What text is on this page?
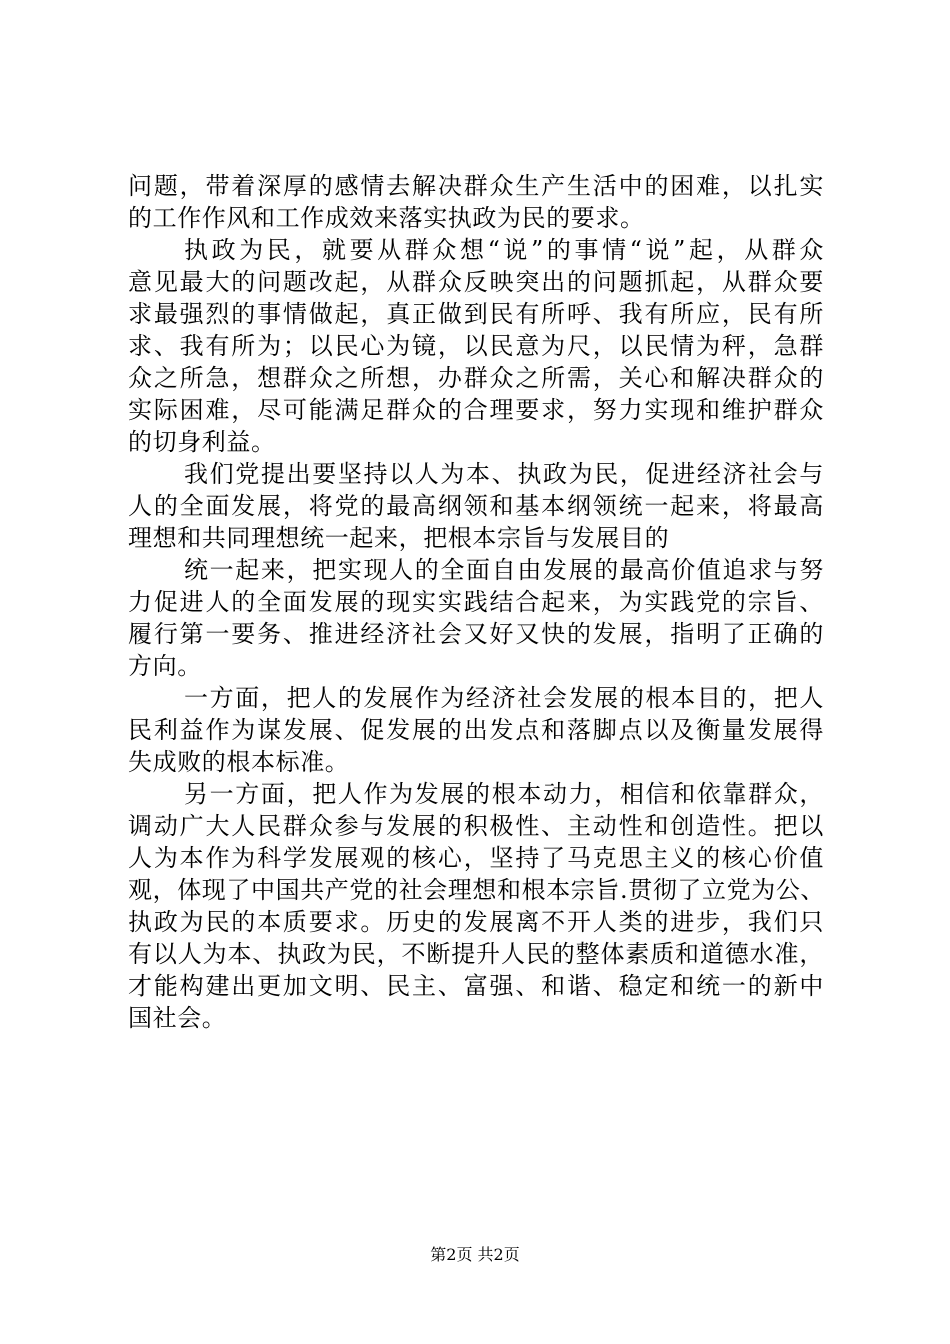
问题，带着深厚的感情去解决群众生产生活中的困难，以扎实
的工作作风和工作成效来落实执政为民的要求。
执政为民，就要从群众想“说”的事情“说”起，从群众
意见最大的问题改起，从群众反映突出的问题抓起，从群众要
求最强烈的事情做起，真正做到民有所呼、我有所应，民有所
求、我有所为；以民心为镜，以民意为尺，以民情为秤，急群
众之所急，想群众之所想，办群众之所需，关心和解决群众的
实际困难，尽可能满足群众的合理要求，努力实现和维护群众
的切身利益。
我们党提出要坚持以人为本、执政为民，促进经济社会与
人的全面发展，将党的最高纲领和基本纲领统一起来，将最高
理想和共同理想统一起来，把根本宗旨与发展目的
统一起来，把实现人的全面自由发展的最高价值追求与努
力促进人的全面发展的现实实践结合起来，为实践党的宗旨、
履行第一要务、推进经济社会又好又快的发展，指明了正确的
方向。
一方面，把人的发展作为经济社会发展的根本目的，把人
民利益作为谋发展、促发展的出发点和落脚点以及衡量发展得
失成败的根本标准。
另一方面，把人作为发展的根本动力，相信和依靠群众，
调动广大人民群众参与发展的积极性、主动性和创造性。把以
人为本作为科学发展观的核心，坚持了马克思主义的核心价值
观，体现了中国共产党的社会理想和根本宗旨.贯彻了立党为公、
执政为民的本质要求。历史的发展离不开人类的进步，我们只
有以人为本、执政为民，不断提升人民的整体素质和道德水准，
才能构建出更加文明、民主、富强、和谐、稳定和统一的新中
国社会。
第2页 共2页
